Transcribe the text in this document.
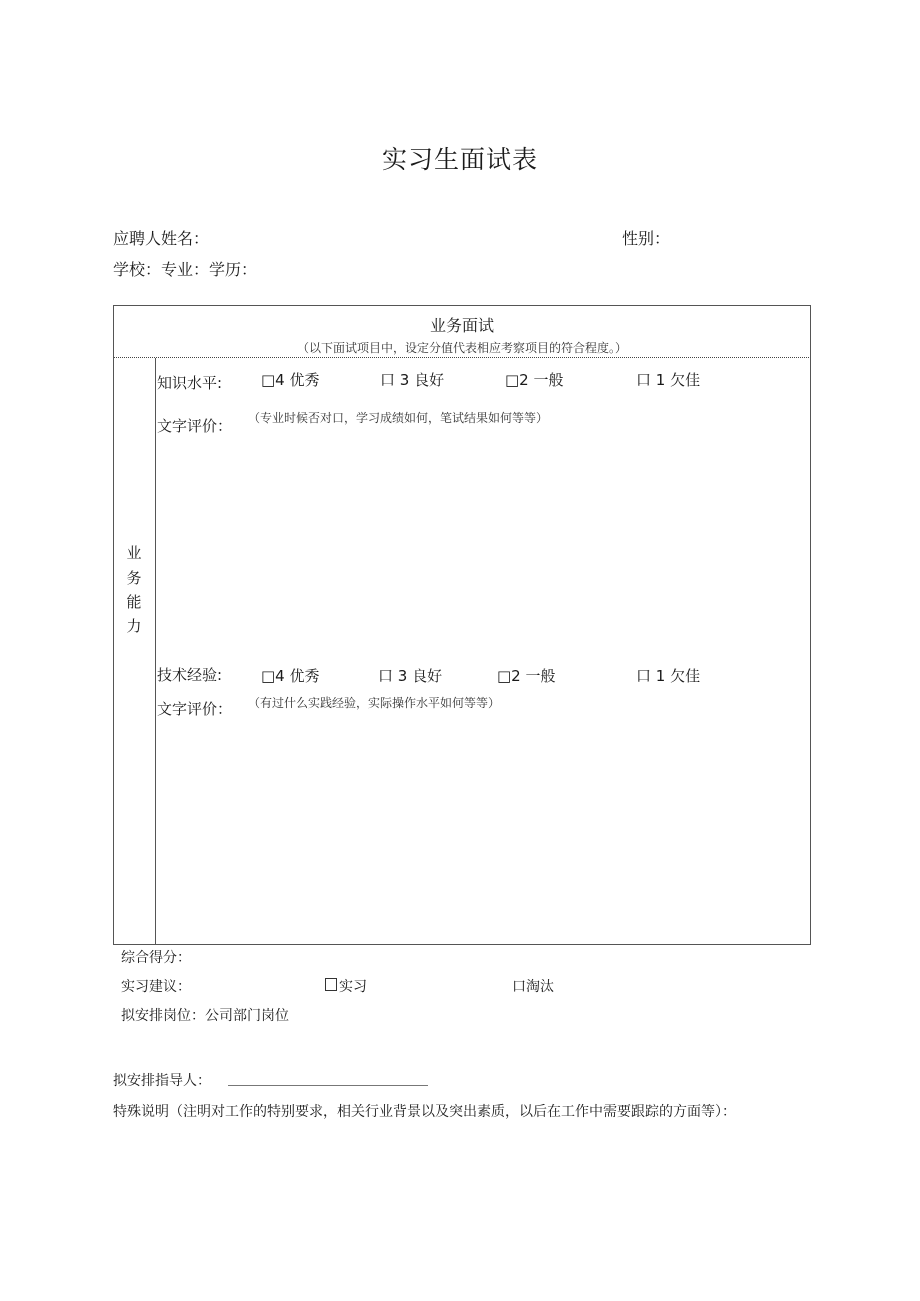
实习生面试表
应聘人姓名：	性别：
学校：专业：学历：
业务面试
（以下面试项目中，设定分值代表相应考察项目的符合程度。）
业
务
能
力
知识水平:	□4 优秀	口 3 良好	□2 一般	口 1 欠佳
文字评价： （专业时候否对口，学习成绩如何，笔试结果如何等等）
技术经验:	□4 优秀	口 3 良好	□2 一般	口 1 欠佳
文字评价： （有过什么实践经验，实际操作水平如何等等）
综合得分：
实习建议：	实习	口淘汰
拟安排岗位：公司部门岗位
拟安排指导人：
特殊说明（注明对工作的特别要求，相关行业背景以及突出素质，以后在工作中需要跟踪的方面等）：
